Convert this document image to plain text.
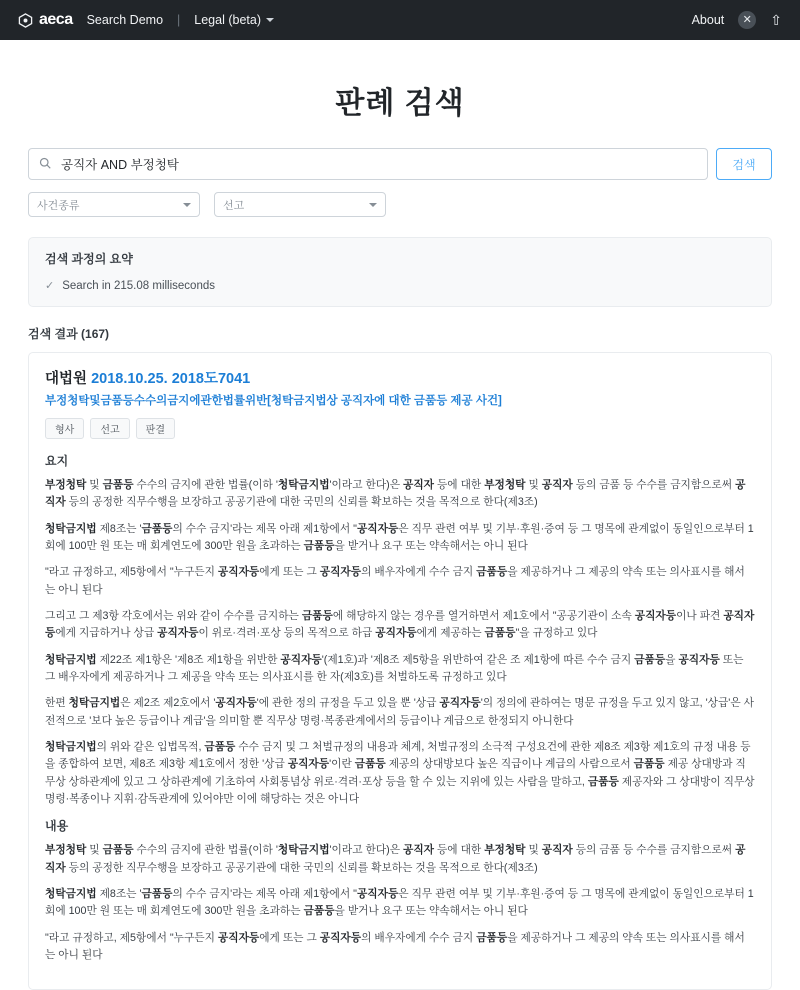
aeca Search Demo | Legal (beta)	About	✕	⇧
판례 검색
공직자 AND 부정청탁
검색
사건종류	선고
검색 과정의 요약
✓ Search in 215.08 milliseconds
검색 결과 (167)
대법원 2018.10.25. 2018도7041
부정청탁및금품등수수의금지에관한법률위반[청탁금지법상 공직자에 대한 금품등 제공 사건]
형사	선고	판결
요지

부정청탁 및 금품등 수수의 금지에 관한 법률(이하 '청탁금지법'이라고 한다)은 공직자 등에 대한 부정청탁 및 공직자 등의 금품 등 수수를 금지함으로써 공직자 등의 공정한 직무수행을 보장하고 공공기관에 대한 국민의 신뢰를 확보하는 것을 목적으로 한다(제3조)

청탁금지법 제8조는 '금품등의 수수 금지'라는 제목 아래 제1항에서 "공직자등은 직무 관련 여부 및 기부·후원·증여 등 그 명목에 관계없이 동일인으로부터 1회에 100만 원 또는 매 회계연도에 300만 원을 초과하는 금품등을 받거나 요구 또는 약속해서는 아니 된다

"라고 규정하고, 제5항에서 "누구든지 공직자등에게 또는 그 공직자등의 배우자에게 수수 금지 금품등을 제공하거나 그 제공의 약속 또는 의사표시를 해서는 아니 된다

그리고 그 제3항 각호에서는 위와 같이 수수를 금지하는 금품등에 해당하지 않는 경우를 열거하면서 제1호에서 "공공기관이 소속 공직자등이나 파견 공직자등에게 지급하거나 상급 공직자등이 위로·격려·포상 등의 목적으로 하급 공직자등에게 제공하는 금품등"을 규정하고 있다

청탁금지법 제22조 제1항은 '제8조 제1항을 위반한 공직자등'(제1호)과 '제8조 제5항을 위반하여 같은 조 제1항에 따른 수수 금지 금품등을 공직자등 또는 그 배우자에게 제공하거나 그 제공을 약속 또는 의사표시를 한 자(제3호)를 처벌하도록 규정하고 있다

한편 청탁금지법은 제2조 제2호에서 '공직자등'에 관한 정의 규정을 두고 있을 뿐 '상급 공직자등'의 정의에 관하여는 명문 규정을 두고 있지 않고, '상급'은 사전적으로 '보다 높은 등급이나 계급'을 의미할 뿐 직무상 명령·복종관계에서의 등급이나 계급으로 한정되지 아니한다

청탁금지법의 위와 같은 입법목적, 금품등 수수 금지 및 그 처벌규정의 내용과 체계, 처벌규정의 소극적 구성요건에 관한 제8조 제3항 제1호의 규정 내용 등을 종합하여 보면, 제8조 제3항 제1호에서 정한 '상급 공직자등'이란 금품등 제공의 상대방보다 높은 직급이나 계급의 사람으로서 금품등 제공 상대방과 직무상 상하관계에 있고 그 상하관계에 기초하여 사회통념상 위로·격려·포상 등을 할 수 있는 지위에 있는 사람을 말하고, 금품등 제공자와 그 상대방이 직무상 명령·복종이나 지휘·감독관계에 있어야만 이에 해당하는 것은 아니다

내용

부정청탁 및 금품등 수수의 금지에 관한 법률(이하 '청탁금지법'이라고 한다)은 공직자 등에 대한 부정청탁 및 공직자 등의 금품 등 수수를 금지함으로써 공직자 등의 공정한 직무수행을 보장하고 공공기관에 대한 국민의 신뢰를 확보하는 것을 목적으로 한다(제3조)

청탁금지법 제8조는 '금품등의 수수 금지'라는 제목 아래 제1항에서 "공직자등은 직무 관련 여부 및 기부·후원·증여 등 그 명목에 관계없이 동일인으로부터 1회에 100만 원 또는 매 회계연도에 300만 원을 초과하는 금품등을 받거나 요구 또는 약속해서는 아니 된다

"라고 규정하고, 제5항에서 "누구든지 공직자등에게 또는 그 공직자등의 배우자에게 수수 금지 금품등을 제공하거나 그 제공의 약속 또는 의사표시를 해서는 아니 된다
